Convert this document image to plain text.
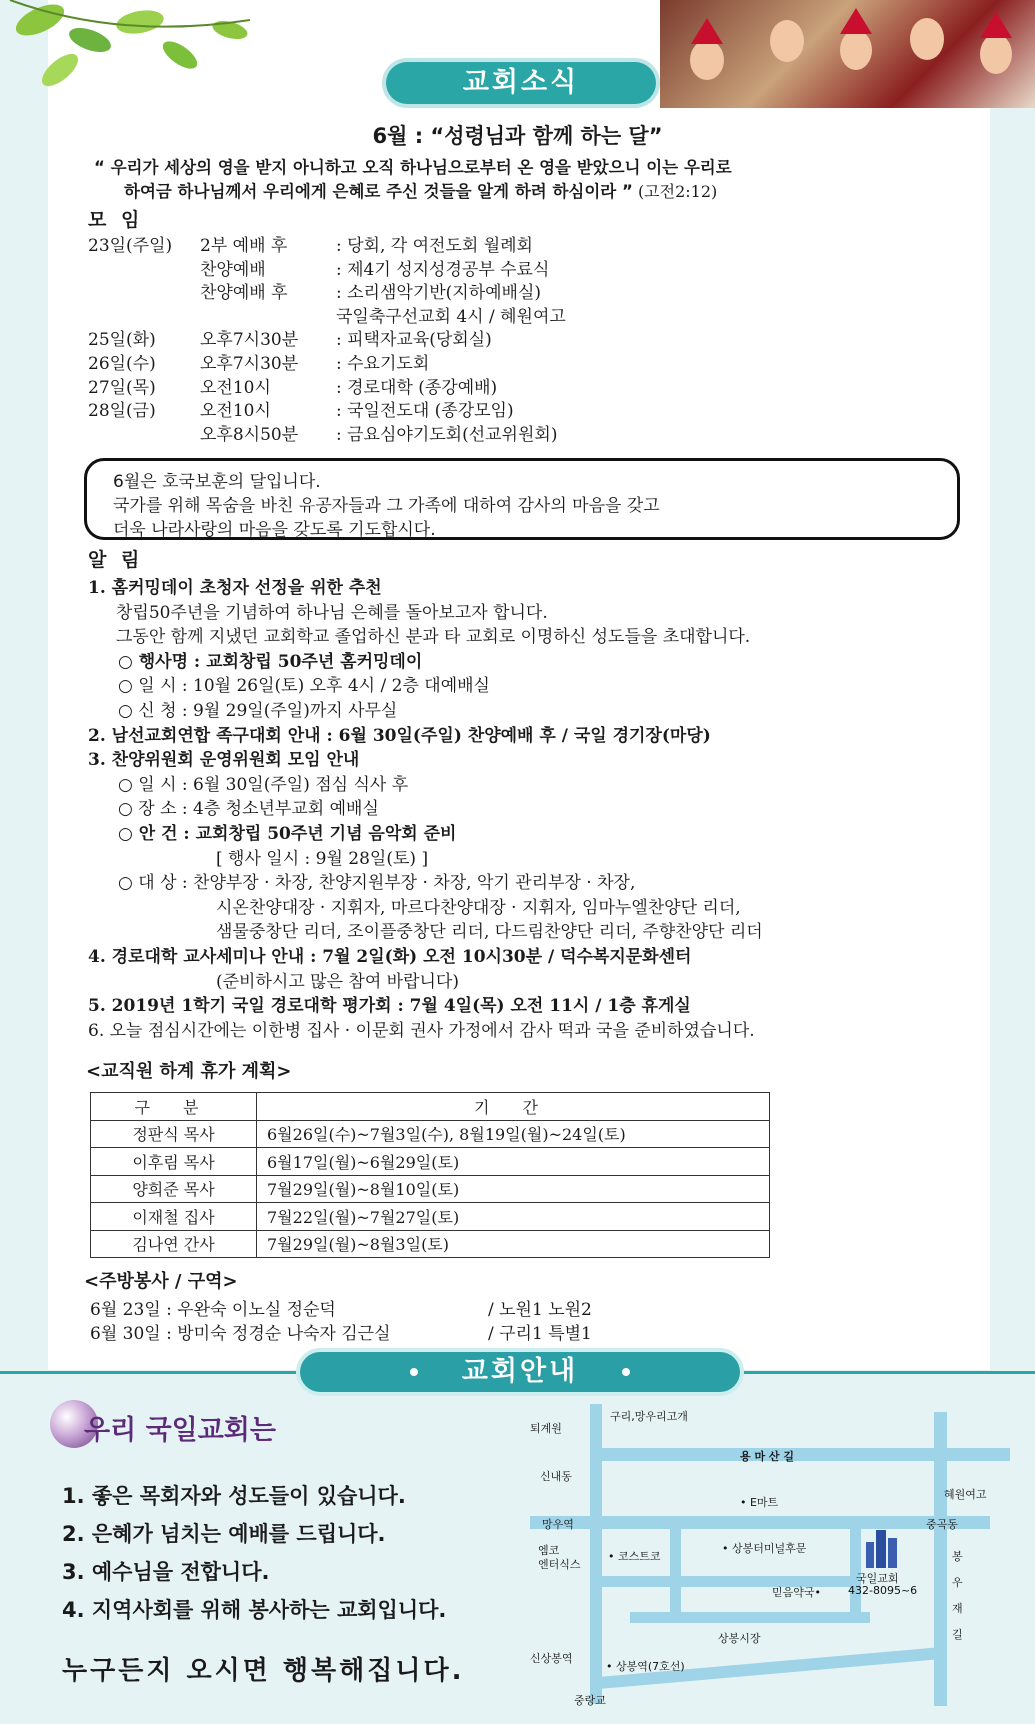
교회소식
6월 : “성령님과 함께 하는 달”
“ 우리가 세상의 영을 받지 아니하고 오직 하나님으로부터 온 영을 받았으니 이는 우리로
하여금 하나님께서 우리에게 은혜로 주신 것들을 알게 하려 하심이라 ” (고전2:12)
모 임
23일(주일) 2부 예배 후	: 당회, 각 여전도회 월례회
찬양예배	: 제4기 성지성경공부 수료식
찬양예배 후	: 소리샘악기반(지하예배실)
국일축구선교회 4시 / 혜원여고
25일(화)	오후7시30분 : 피택자교육(당회실)
26일(수)	오후7시30분 : 수요기도회
27일(목)	오전10시	: 경로대학 (종강예배)
28일(금)	오전10시	: 국일전도대 (종강모임)
오후8시50분 : 금요심야기도회(선교위원회)
6월은 호국보훈의 달입니다.
국가를 위해 목숨을 바친 유공자들과 그 가족에 대하여 감사의 마음을 갖고
더욱 나라사랑의 마음을 갖도록 기도합시다.
알 림
1. 홈커밍데이 초청자 선정을 위한 추천
창립50주년을 기념하여 하나님 은혜를 돌아보고자 합니다.
그동안 함께 지냈던 교회학교 졸업하신 분과 타 교회로 이명하신 성도들을 초대합니다.
○ 행사명 : 교회창립 50주년 홈커밍데이
○ 일 시 : 10월 26일(토) 오후 4시 / 2층 대예배실
○ 신 청 : 9월 29일(주일)까지 사무실
2. 남선교회연합 족구대회 안내 : 6월 30일(주일) 찬양예배 후 / 국일 경기장(마당)
3. 찬양위원회 운영위원회 모임 안내
○ 일 시 : 6월 30일(주일) 점심 식사 후
○ 장 소 : 4층 청소년부교회 예배실
○ 안 건 : 교회창립 50주년 기념 음악회 준비
[ 행사 일시 : 9월 28일(토) ]
○ 대 상 : 찬양부장 · 차장, 찬양지원부장 · 차장, 악기 관리부장 · 차장,
시온찬양대장 · 지휘자, 마르다찬양대장 · 지휘자, 임마누엘찬양단 리더,
샘물중창단 리더, 조이플중창단 리더, 다드림찬양단 리더, 주향찬양단 리더
4. 경로대학 교사세미나 안내 : 7월 2일(화) 오전 10시30분 / 덕수복지문화센터
(준비하시고 많은 참여 바랍니다)
5. 2019년 1학기 국일 경로대학 평가회 : 7월 4일(목) 오전 11시 / 1층 휴게실
6. 오늘 점심시간에는 이한병 집사 · 이문회 권사 가정에서 감사 떡과 국을 준비하였습니다.
<교직원 하계 휴가 계획>
구 분	기 간
정판식 목사	6월26일(수)~7월3일(수), 8월19일(월)~24일(토)
이후림 목사	6월17일(월)~6월29일(토)
양희준 목사	7월29일(월)~8월10일(토)
이재철 집사	7월22일(월)~7월27일(토)
김나연 간사	7월29일(월)~8월3일(토)
<주방봉사 / 구역>
6월 23일 : 우완숙 이노실 정순덕	/ 노원1 노원2
6월 30일 : 방미숙 정경순 나숙자 김근실	/ 구리1 특별1
교회안내
우리 국일교회는
1. 좋은 목회자와 성도들이 있습니다.
2. 은혜가 넘치는 예배를 드립니다.
3. 예수님을 전합니다.
4. 지역사회를 위해 봉사하는 교회입니다.
누구든지 오시면 행복해집니다.
구리,망우리고개
퇴계원
용 마 산 길
신내동
• E마트
혜원여고
망우역	중곡동
엠코
엔터식스
• 코스트코
• 상봉터미널후문
국일교회
432-8095~6
봉
우
재
길
믿음약국•
상봉시장
신상봉역
• 상봉역(7호선)
중랑교
